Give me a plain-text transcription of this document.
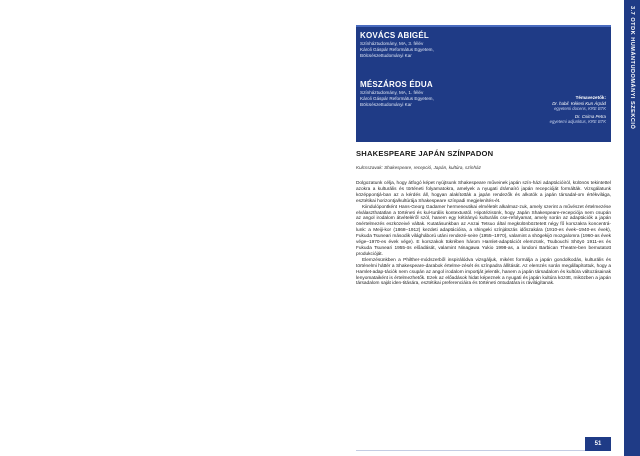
3.7 OTDK HUMÁNTUDOMÁNYI SZEKCIÓ
KOVÁCS ABIGÉL
Színháztudomány, MA, 3. félév
Károli Gáspár Református Egyetem,
Bölcsészettudományi Kar
MÉSZÁROS ÉDUA
Színháztudomány, MA, 1. félév
Károli Gáspár Református Egyetem,
Bölcsészettudományi Kar
Témavezetők:
Dr. habil. Kékesi Kun Árpád
egyetemi docens, KRE BTK
Dr. Csima Petra
egyetemi adjunktus, KRE BTK
SHAKESPEARE JAPÁN SZÍNPADON
Kulcsszavak: Shakespeare, recepció, Japán, kultúra, színház

Dolgozatunk célja, hogy átfogó képet nyújtsunk Shakespeare műveinek japán szín-házi adaptációiról, különös tekintettel azokra a kulturális és történeti folyamatokra, amelyek a nyugati drámaíró japán recepcióját formálták. Vizsgálatunk középpontjá-ban az a kérdés áll, hogyan alakították a japán rendezők és alkotók a japán társadal-om értékvilága, esztétikai horizontja/kultúrája Shakespeare színpadi megjelenítés-ét.

Kiindulópontként Hans-Georg Gadamer hermeneutikai elméletét alkalmaz-zuk, amely szerint a művészet értelmezése elválaszthatatlan a történeti és kul-turális kontextustól. Hipotézisünk, hogy Japán Shakespeare-recepciója nem csupán az angol irodalom átvételéről szól, hanem egy kétirányú kulturális cse-refolyamat, amely során az adaptációk a japán önértelmezés eszközeivé váltak. Kutatásunkban az Anzai Tetsuo által megkülönböztetett négy fő korszakra koncentrá-lunk: a Meiji-kor (1868–1912) kezdeti adaptációira, a shingeki színjátszás időszakára (1910-es évek–1940-es évek), Fukuda Tsuneari második világháború utáni rendezé-seire (1955–1970), valamint a shōgekijō mozgalomra (1960-as évek vége–1970-es évek vége). E korszakok tükrében három Hamlet-adaptációt elemzünk, Tsubouchi Shōyō 1911-es és Fukuda Tsuneari 1955-ös előadását, valamint Ninagawa Yukio 1998-as, a londoni Barbican Theatre-ben bemutatott produkcióját.

Elemzésünkben a Philther-módszerből inspirálódva vizsgáljuk, miként formálja a japán gondolkodás, kulturális és történelmi háttér a Shakespeare-darabok értelme-zését és színpadra állítását. Az elemzés során megállapítottuk, hogy a Hamlet-adap-tációk nem csupán az angol irodalom importját jelentik, hanem a japán társadalom és kultúra változásainak lenyomataiként is értelmezhetők. Ezek az előadások hidat képeznek a nyugati és japán kultúra között, miközben a japán társadalom saját iden-titására, esztétikai preferenciáira és történeti öntudatára is rávilágítanak.

51
